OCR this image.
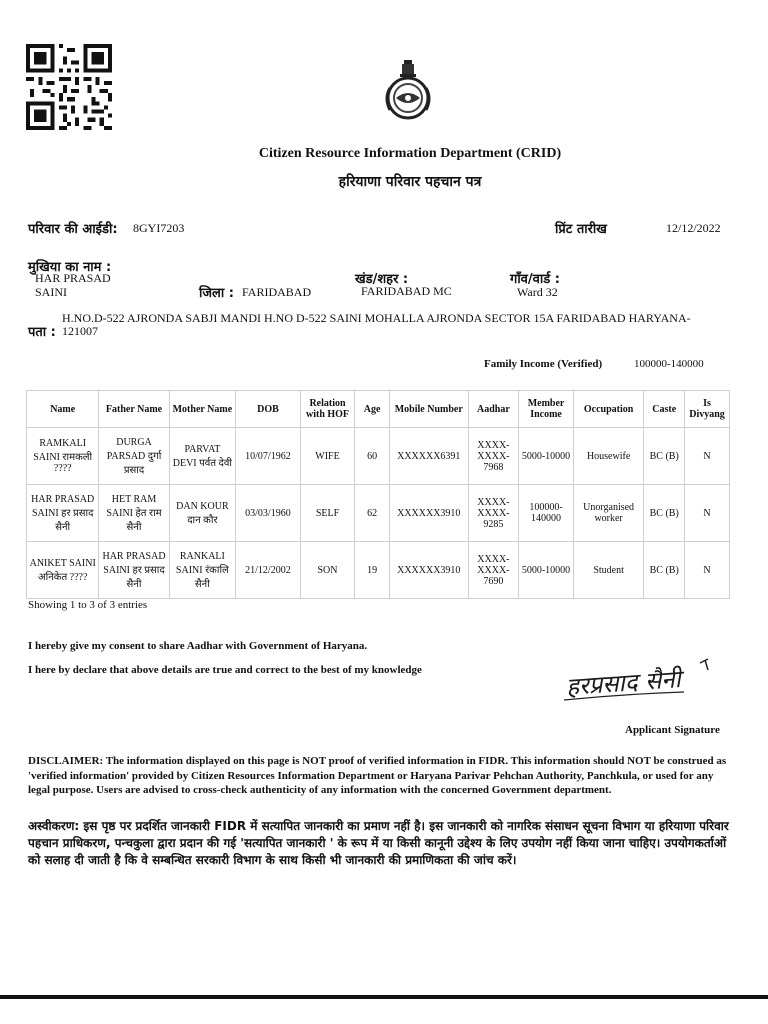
Citizen Resource Information Department (CRID)
हरियाणा परिवार पहचान पत्र
परिवार की आईडी: 8GYI7203	प्रिंट तारीख	12/12/2022
मुखिया का नाम :
HAR PRASAD
SAINI	जिला : FARIDABAD
खंड/शहर :
FARIDABAD MC
गाँव/वार्ड :
Ward 32
H.NO.D-522 AJRONDA SABJI MANDI H.NO D-522 SAINI MOHALLA AJRONDA SECTOR 15A FARIDABAD HARYANA-
पता : 121007
Family Income (Verified)	100000-140000
Name	Father Name	Mother Name	DOB	Relation with HOF	Age	Mobile Number	Aadhar	Member Income	Occupation	Caste	Is Divyang
RAMKALI SAINI रामकली ????	DURGA PARSAD दुर्गा प्रसाद	PARVAT DEVI पर्वत देवी	10/07/1962	WIFE	60	XXXXXX6391	XXXX-XXXX-7968	5000-10000	Housewife	BC (B)	N
HAR PRASAD SAINI हर प्रसाद सैनी	HET RAM SAINI हेत राम सैनी	DAN KOUR दान कौर	03/03/1960	SELF	62	XXXXXX3910	XXXX-XXXX-9285	100000-140000	Unorganised worker	BC (B)	N
ANIKET SAINI अनिकेत ????	HAR PRASAD SAINI हर प्रसाद सैनी	RANKALI SAINI रंकालि सैनी	21/12/2002	SON	19	XXXXXX3910	XXXX-XXXX-7690	5000-10000	Student	BC (B)	N
Showing 1 to 3 of 3 entries
I hereby give my consent to share Aadhar with Government of Haryana.
I here by declare that above details are true and correct to the best of my knowledge	हरप्रसाद सैनी
Applicant Signature
DISCLAIMER: The information displayed on this page is NOT proof of verified information in FIDR. This information should NOT be construed as 'verified information' provided by Citizen Resources Information Department or Haryana Parivar Pehchan Authority, Panchkula, or used for any legal purpose. Users are advised to cross-check authenticity of any information with the concerned Government department.
अस्वीकरण: इस पृष्ठ पर प्रदर्शित जानकारी FIDR में सत्यापित जानकारी का प्रमाण नहीं है। इस जानकारी को नागरिक संसाधन सूचना विभाग या हरियाणा परिवार पहचान प्राधिकरण, पन्चकुला द्वारा प्रदान की गई 'सत्यापित जानकारी ' के रूप में या किसी कानूनी उद्देश्य के लिए उपयोग नहीं किया जाना चाहिए। उपयोगकर्ताओं को सलाह दी जाती है कि वे सम्बन्धित सरकारी विभाग के साथ किसी भी जानकारी की प्रमाणिकता की जांच करें।
